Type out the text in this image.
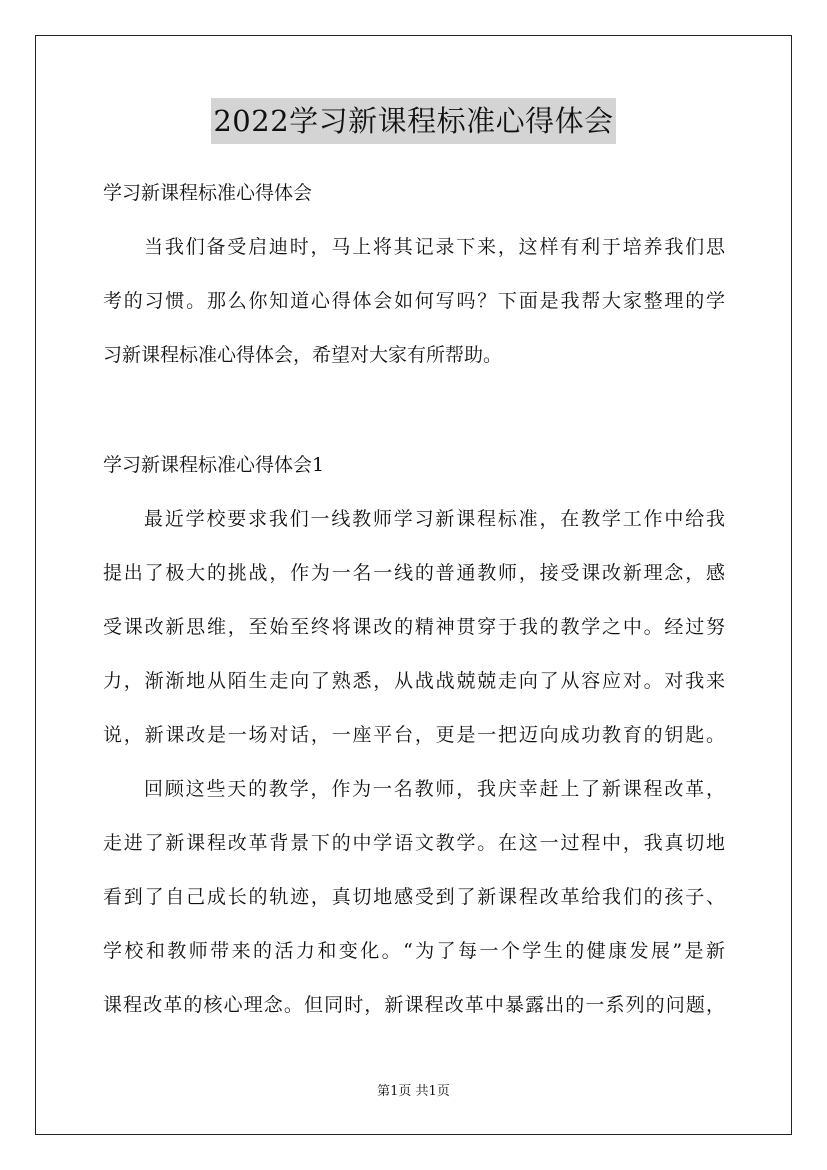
2022学习新课程标准心得体会
学习新课程标准心得体会
当我们备受启迪时，马上将其记录下来，这样有利于培养我们思
考的习惯。那么你知道心得体会如何写吗？下面是我帮大家整理的学
习新课程标准心得体会，希望对大家有所帮助。
学习新课程标准心得体会1
最近学校要求我们一线教师学习新课程标准，在教学工作中给我
提出了极大的挑战，作为一名一线的普通教师，接受课改新理念，感
受课改新思维，至始至终将课改的精神贯穿于我的教学之中。经过努
力，渐渐地从陌生走向了熟悉，从战战兢兢走向了从容应对。对我来
说，新课改是一场对话，一座平台，更是一把迈向成功教育的钥匙。
回顾这些天的教学，作为一名教师，我庆幸赶上了新课程改革，
走进了新课程改革背景下的中学语文教学。在这一过程中，我真切地
看到了自己成长的轨迹，真切地感受到了新课程改革给我们的孩子、
学校和教师带来的活力和变化。“为了每一个学生的健康发展”是新
课程改革的核心理念。但同时，新课程改革中暴露出的一系列的问题，
第1页 共1页
